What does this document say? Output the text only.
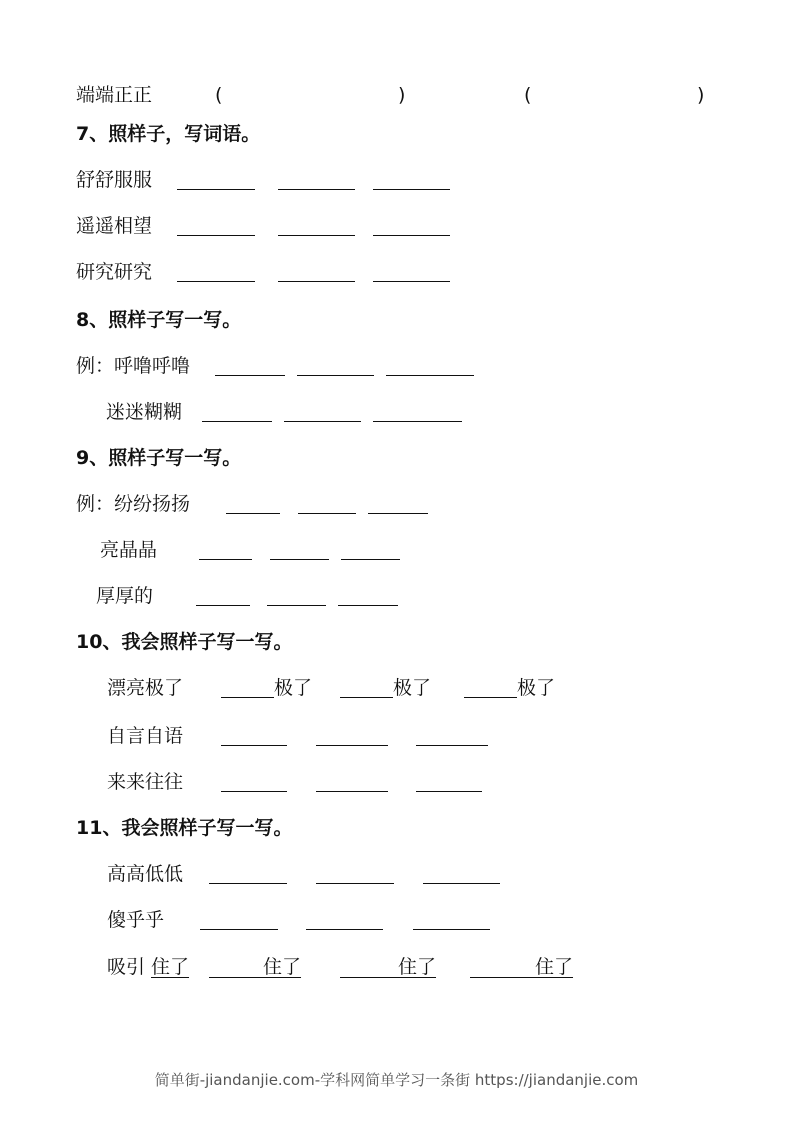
端端正正	(	)	(	)
7、照样子，写词语。
舒舒服服
遥遥相望
研究研究
8、照样子写一写。
例：呼噜呼噜
迷迷糊糊
9、照样子写一写。
例：纷纷扬扬
亮晶晶
厚厚的
10、我会照样子写一写。
漂亮极了	极了	极了	极了
自言自语
来来往往
11、我会照样子写一写。
高高低低
傻乎乎
吸引 住了	住了	住了	住了
简单街-jiandanjie.com-学科网简单学习一条街 https://jiandanjie.com
